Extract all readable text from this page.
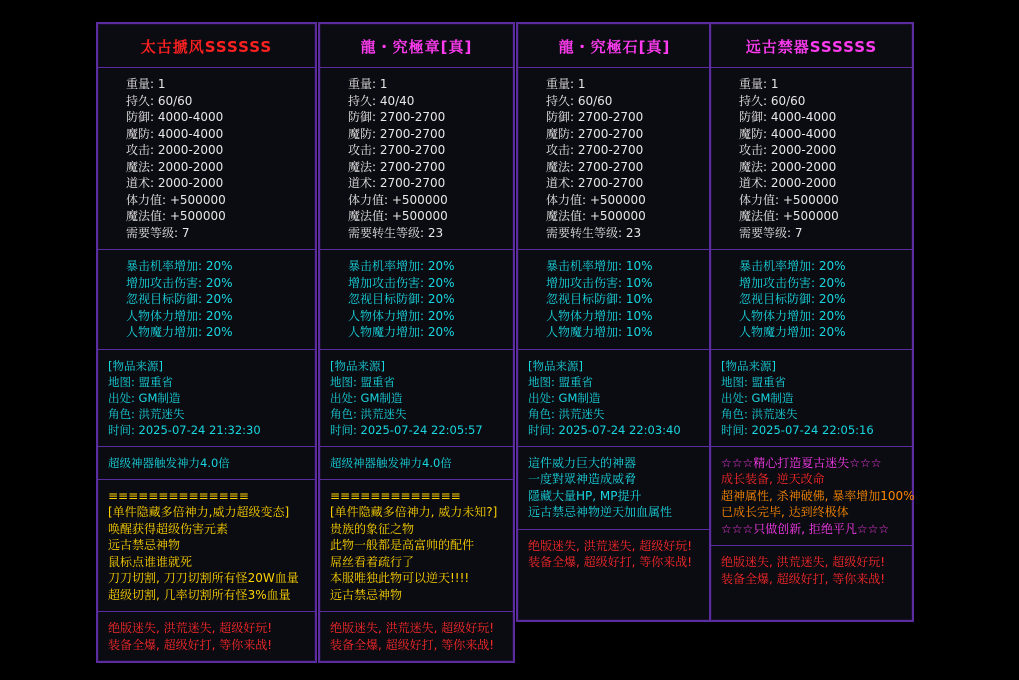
太古搋风SSSSSS
重量: 1
持久: 60/60
防御: 4000-4000
魔防: 4000-4000
攻击: 2000-2000
魔法: 2000-2000
道术: 2000-2000
体力值: +500000
魔法值: +500000
需要等级: 7
暴击机率增加: 20%
增加攻击伤害: 20%
忽视目标防御: 20%
人物体力增加: 20%
人物魔力增加: 20%
[物品来源]
地图: 盟重省
出处: GM制造
角色: 洪荒迷失
时间: 2025-07-24 21:32:30
超级神器触发神力4.0倍
≡≡≡≡≡≡≡≡≡≡≡≡≡≡
[单件隐藏多倍神力,威力超级变态]
唤醒获得超级伤害元素
远古禁忌神物
鼠标点谁谁就死
刀刀切割, 刀刀切割所有怪20W血量
超级切割, 几率切割所有怪3%血量
绝版迷失, 洪荒迷失, 超级好玩!
装备全爆, 超级好打, 等你来战!
龍・究極章[真]
重量: 1
持久: 40/40
防御: 2700-2700
魔防: 2700-2700
攻击: 2700-2700
魔法: 2700-2700
道术: 2700-2700
体力值: +500000
魔法值: +500000
需要转生等级: 23
暴击机率增加: 20%
增加攻击伤害: 20%
忽视目标防御: 20%
人物体力增加: 20%
人物魔力增加: 20%
[物品来源]
地图: 盟重省
出处: GM制造
角色: 洪荒迷失
时间: 2025-07-24 22:05:57
超级神器触发神力4.0倍
≡≡≡≡≡≡≡≡≡≡≡≡≡
[单件隐藏多倍神力, 威力未知?]
贵族的象征之物
此物一般都是高富帅的配件
屌丝看着疏行了
本服唯独此物可以逆天!!!!
远古禁忌神物
绝版迷失, 洪荒迷失, 超级好玩!
装备全爆, 超级好打, 等你来战!
龍・究極石[真]
重量: 1
持久: 60/60
防御: 2700-2700
魔防: 2700-2700
攻击: 2700-2700
魔法: 2700-2700
道术: 2700-2700
体力值: +500000
魔法值: +500000
需要转生等级: 23
暴击机率增加: 10%
增加攻击伤害: 10%
忽视目标防御: 10%
人物体力增加: 10%
人物魔力增加: 10%
[物品来源]
地图: 盟重省
出处: GM制造
角色: 洪荒迷失
时间: 2025-07-24 22:03:40
這件威力巨大的神器
一度對眾神造成威脅
隱藏大量HP, MP提升
远古禁忌神物逆天加血属性
绝版迷失, 洪荒迷失, 超级好玩!
装备全爆, 超级好打, 等你来战!
远古禁器SSSSSS
重量: 1
持久: 60/60
防御: 4000-4000
魔防: 4000-4000
攻击: 2000-2000
魔法: 2000-2000
道术: 2000-2000
体力值: +500000
魔法值: +500000
需要等级: 7
暴击机率增加: 20%
增加攻击伤害: 20%
忽视目标防御: 20%
人物体力增加: 20%
人物魔力增加: 20%
[物品来源]
地图: 盟重省
出处: GM制造
角色: 洪荒迷失
时间: 2025-07-24 22:05:16
☆☆☆精心打造夏古迷失☆☆☆
成长装备, 逆天改命
超神属性, 杀神破佛, 暴率增加100%
已成长完毕, 达到终极体
☆☆☆只做创新, 拒绝平凡☆☆☆
绝版迷失, 洪荒迷失, 超级好玩!
装备全爆, 超级好打, 等你来战!
